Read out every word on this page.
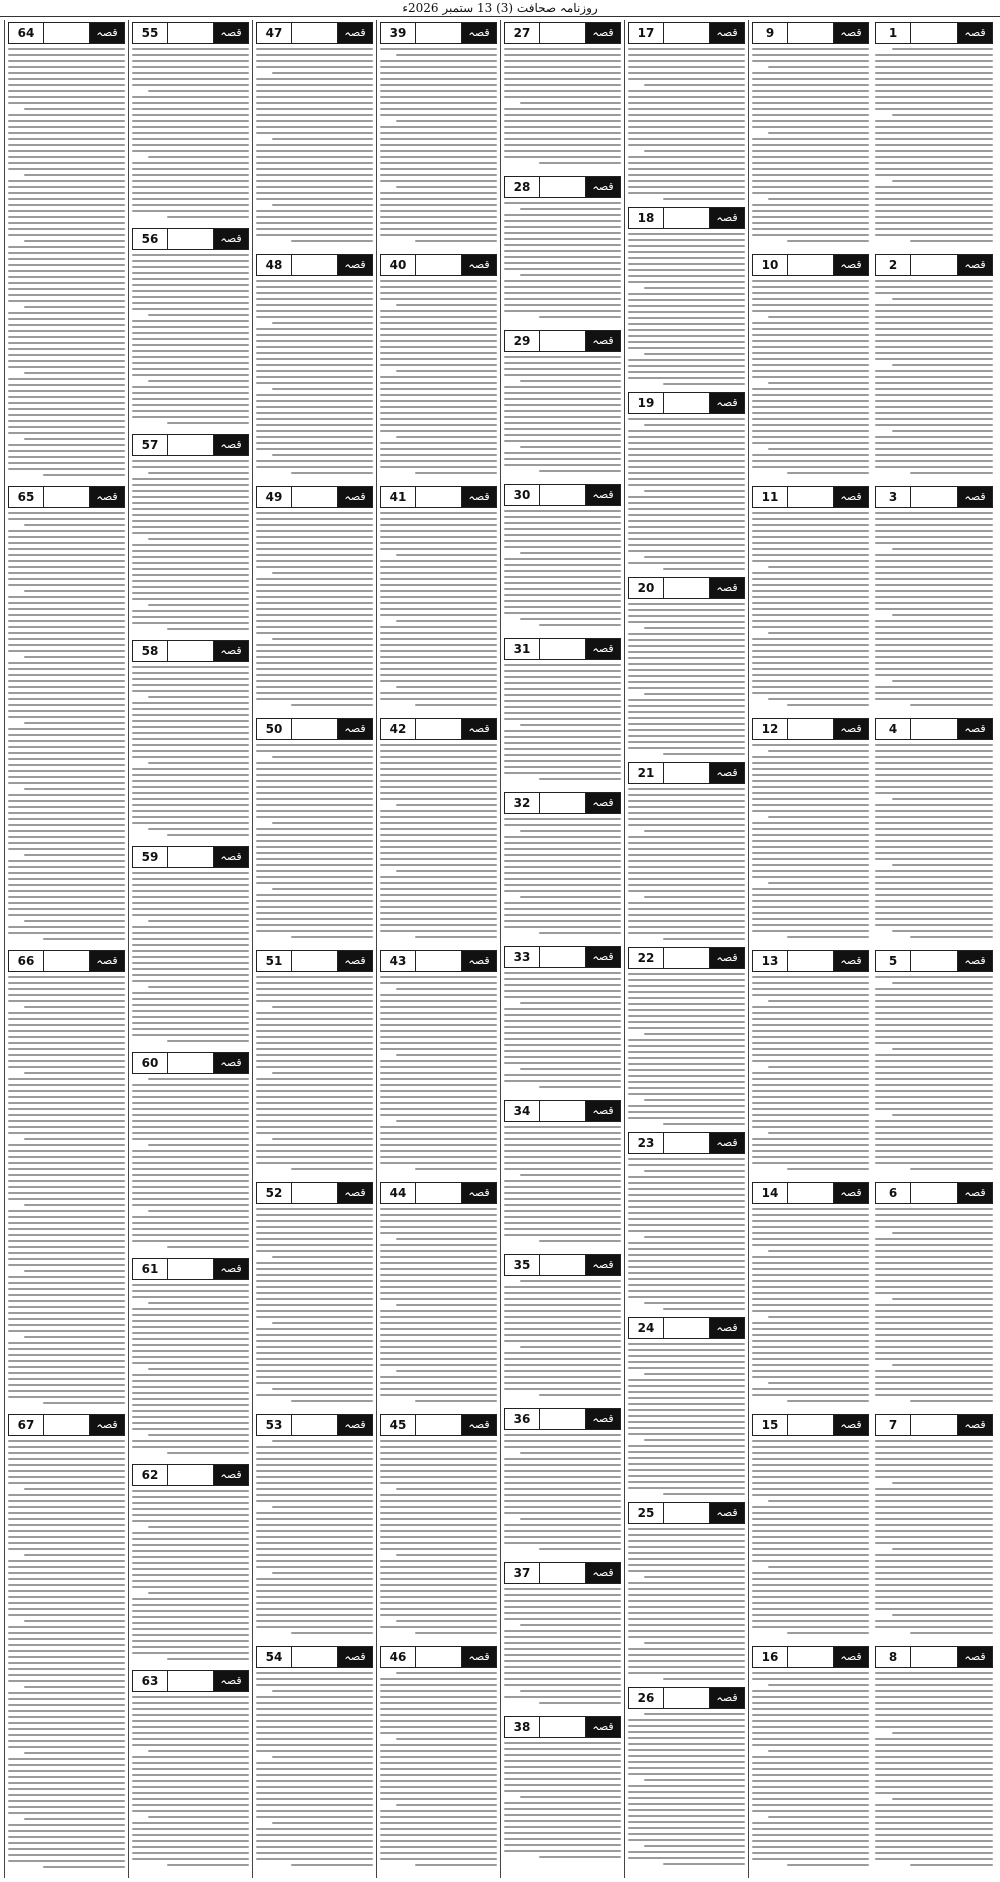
روزنامہ صحافت (3) 13 ستمبر 2026ء
قصہ
1
قصہ
2
قصہ
3
قصہ
4
قصہ
5
قصہ
6
قصہ
7
قصہ
8
قصہ
9
قصہ
10
قصہ
11
قصہ
12
قصہ
13
قصہ
14
قصہ
15
قصہ
16
قصہ
17
قصہ
18
قصہ
19
قصہ
20
قصہ
21
قصہ
22
قصہ
23
قصہ
24
قصہ
25
قصہ
26
قصہ
27
قصہ
28
قصہ
29
قصہ
30
قصہ
31
قصہ
32
قصہ
33
قصہ
34
قصہ
35
قصہ
36
قصہ
37
قصہ
38
قصہ
39
قصہ
40
قصہ
41
قصہ
42
قصہ
43
قصہ
44
قصہ
45
قصہ
46
قصہ
47
قصہ
48
قصہ
49
قصہ
50
قصہ
51
قصہ
52
قصہ
53
قصہ
54
قصہ
55
قصہ
56
قصہ
57
قصہ
58
قصہ
59
قصہ
60
قصہ
61
قصہ
62
قصہ
63
قصہ
64
قصہ
65
قصہ
66
قصہ
67
